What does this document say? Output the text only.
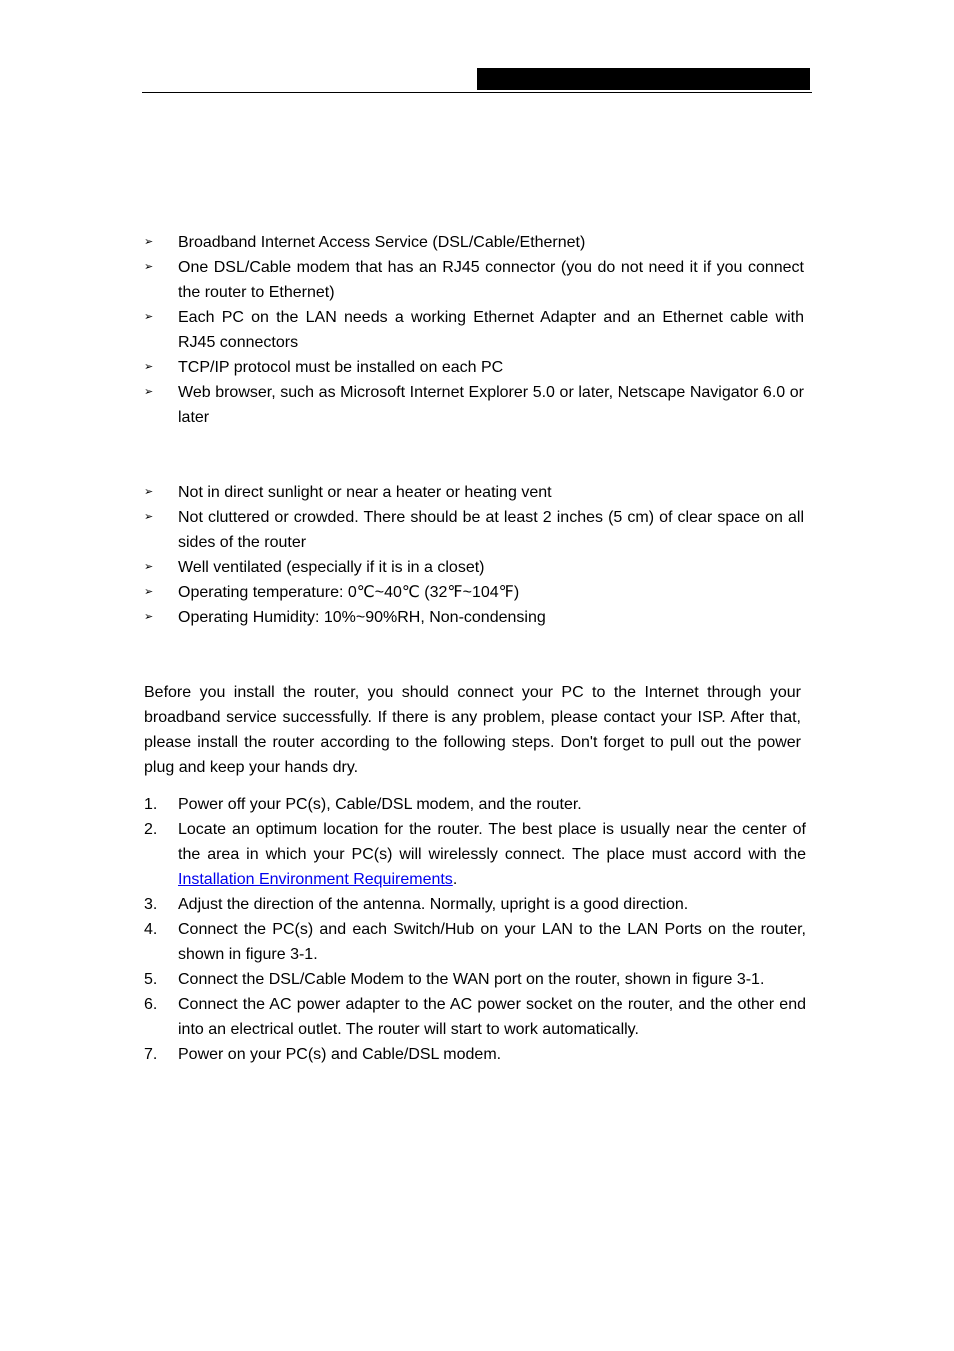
➢ Broadband Internet Access Service (DSL/Cable/Ethernet)
➢ One DSL/Cable modem that has an RJ45 connector (you do not need it if you connect the router to Ethernet)
➢ Each PC on the LAN needs a working Ethernet Adapter and an Ethernet cable with RJ45 connectors
➢ TCP/IP protocol must be installed on each PC
➢ Web browser, such as Microsoft Internet Explorer 5.0 or later, Netscape Navigator 6.0 or later
➢ Not in direct sunlight or near a heater or heating vent
➢ Not cluttered or crowded. There should be at least 2 inches (5 cm) of clear space on all sides of the router
➢ Well ventilated (especially if it is in a closet)
➢ Operating temperature: 0℃~40℃ (32℉~104℉)
➢ Operating Humidity: 10%~90%RH, Non-condensing

Before you install the router, you should connect your PC to the Internet through your broadband service successfully. If there is any problem, please contact your ISP. After that, please install the router according to the following steps. Don't forget to pull out the power plug and keep your hands dry.

1. Power off your PC(s), Cable/DSL modem, and the router.
2. Locate an optimum location for the router. The best place is usually near the center of the area in which your PC(s) will wirelessly connect. The place must accord with the Installation Environment Requirements.
3. Adjust the direction of the antenna. Normally, upright is a good direction.
4. Connect the PC(s) and each Switch/Hub on your LAN to the LAN Ports on the router, shown in figure 3-1.
5. Connect the DSL/Cable Modem to the WAN port on the router, shown in figure 3-1.
6. Connect the AC power adapter to the AC power socket on the router, and the other end into an electrical outlet. The router will start to work automatically.
7. Power on your PC(s) and Cable/DSL modem.
